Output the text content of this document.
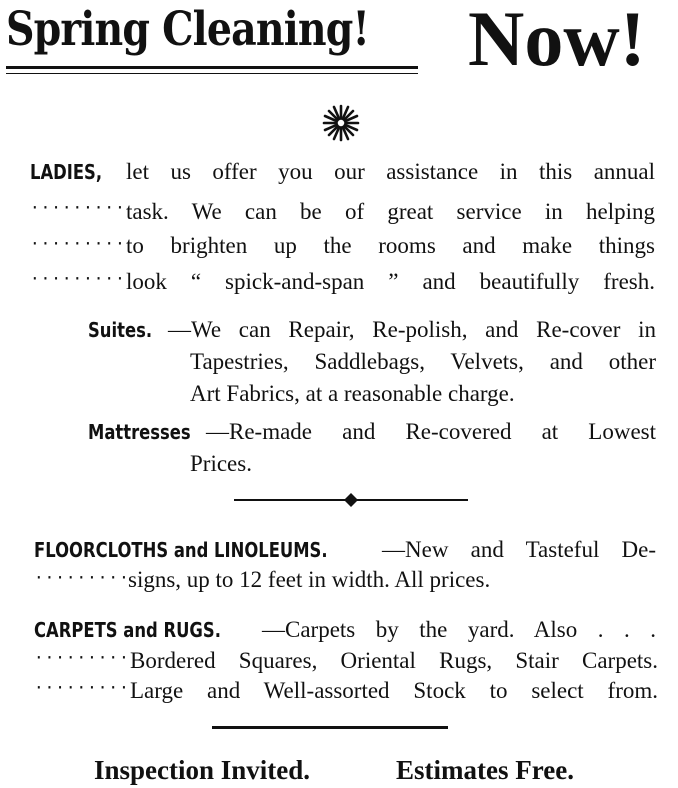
Spring Cleaning! Now!
LADIES, let us offer you our assistance in this annual
········· task. We can be of great service in helping
········· to brighten up the rooms and make things
········· look “ spick-and-span ” and beautifully fresh.
Suites. —We can Repair, Re-polish, and Re-cover in
Tapestries, Saddlebags, Velvets, and other
Art Fabrics, at a reasonable charge.
Mattresses —Re-made and Re-covered at Lowest
Prices.
FLOORCLOTHS and LINOLEUMS. —New and Tasteful De-
·········
signs, up to 12 feet in width. All prices.
CARPETS and RUGS. —Carpets by the yard. Also . . .
········· Bordered Squares, Oriental Rugs, Stair Carpets.
········· Large and Well-assorted Stock to select from.
Inspection Invited.	Estimates Free.
